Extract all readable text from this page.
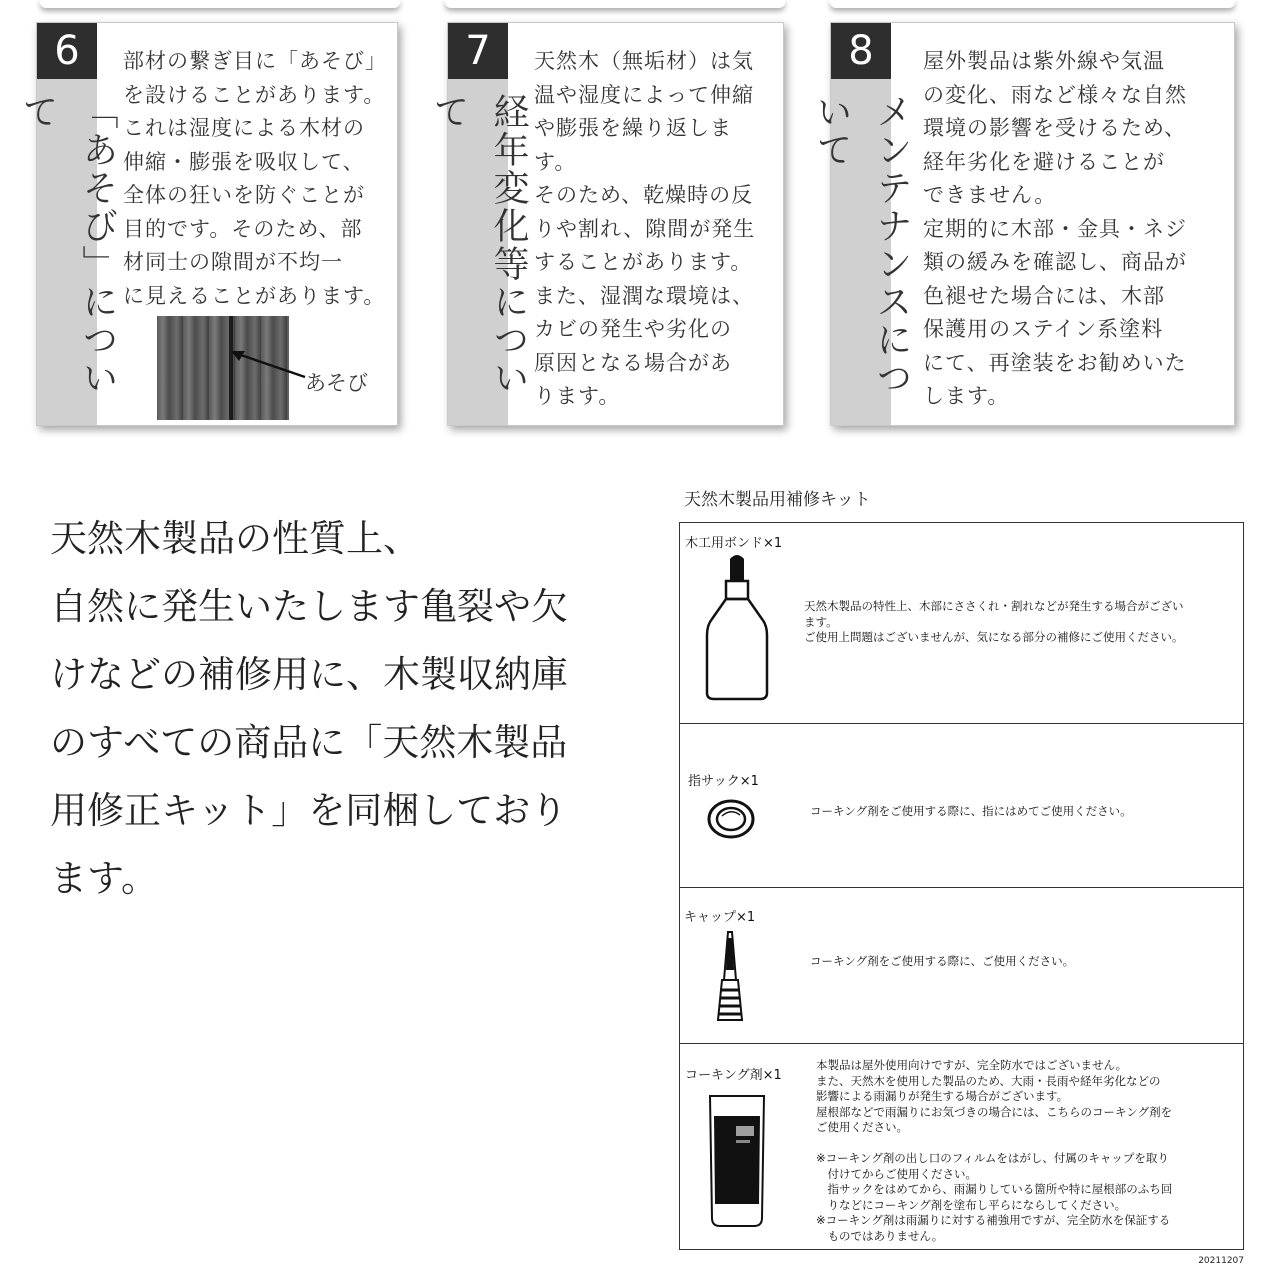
6
「あそび」について
部材の繋ぎ目に「あそび」
を設けることがあります。
これは湿度による木材の
伸縮・膨張を吸収して、
全体の狂いを防ぐことが
目的です。そのため、部
材同士の隙間が不均一
に見えることがあります。
あそび
7
経年変化等について
天然木（無垢材）は気
温や湿度によって伸縮
や膨張を繰り返します。
そのため、乾燥時の反
りや割れ、隙間が発生
することがあります。
また、湿潤な環境は、
カビの発生や劣化の
原因となる場合があ
ります。
8
メンテナンスについて
屋外製品は紫外線や気温
の変化、雨など様々な自然
環境の影響を受けるため、
経年劣化を避けることが
できません。
定期的に木部・金具・ネジ
類の緩みを確認し、商品が
色褪せた場合には、木部
保護用のステイン系塗料
にて、再塗装をお勧めいた
します。
天然木製品の性質上、
自然に発生いたします亀裂や欠
けなどの補修用に、木製収納庫
のすべての商品に「天然木製品
用修正キット」を同梱しており
ます。
天然木製品用補修キット
木工用ボンド×1
天然木製品の特性上、木部にささくれ・割れなどが発生する場合がござい
ます。
ご使用上問題はございませんが、気になる部分の補修にご使用ください。
指サック×1
コーキング剤をご使用する際に、指にはめてご使用ください。
キャップ×1
コーキング剤をご使用する際に、ご使用ください。
コーキング剤×1
本製品は屋外使用向けですが、完全防水ではございません。
また、天然木を使用した製品のため、大雨・長雨や経年劣化などの
影響による雨漏りが発生する場合がございます。
屋根部などで雨漏りにお気づきの場合には、こちらのコーキング剤を
ご使用ください。

※コーキング剤の出し口のフィルムをはがし、付属のキャップを取り
　付けてからご使用ください。
　指サックをはめてから、雨漏りしている箇所や特に屋根部のふち回
　りなどにコーキング剤を塗布し平らにならしてください。
※コーキング剤は雨漏りに対する補強用ですが、完全防水を保証する
　ものではありません。
20211207
